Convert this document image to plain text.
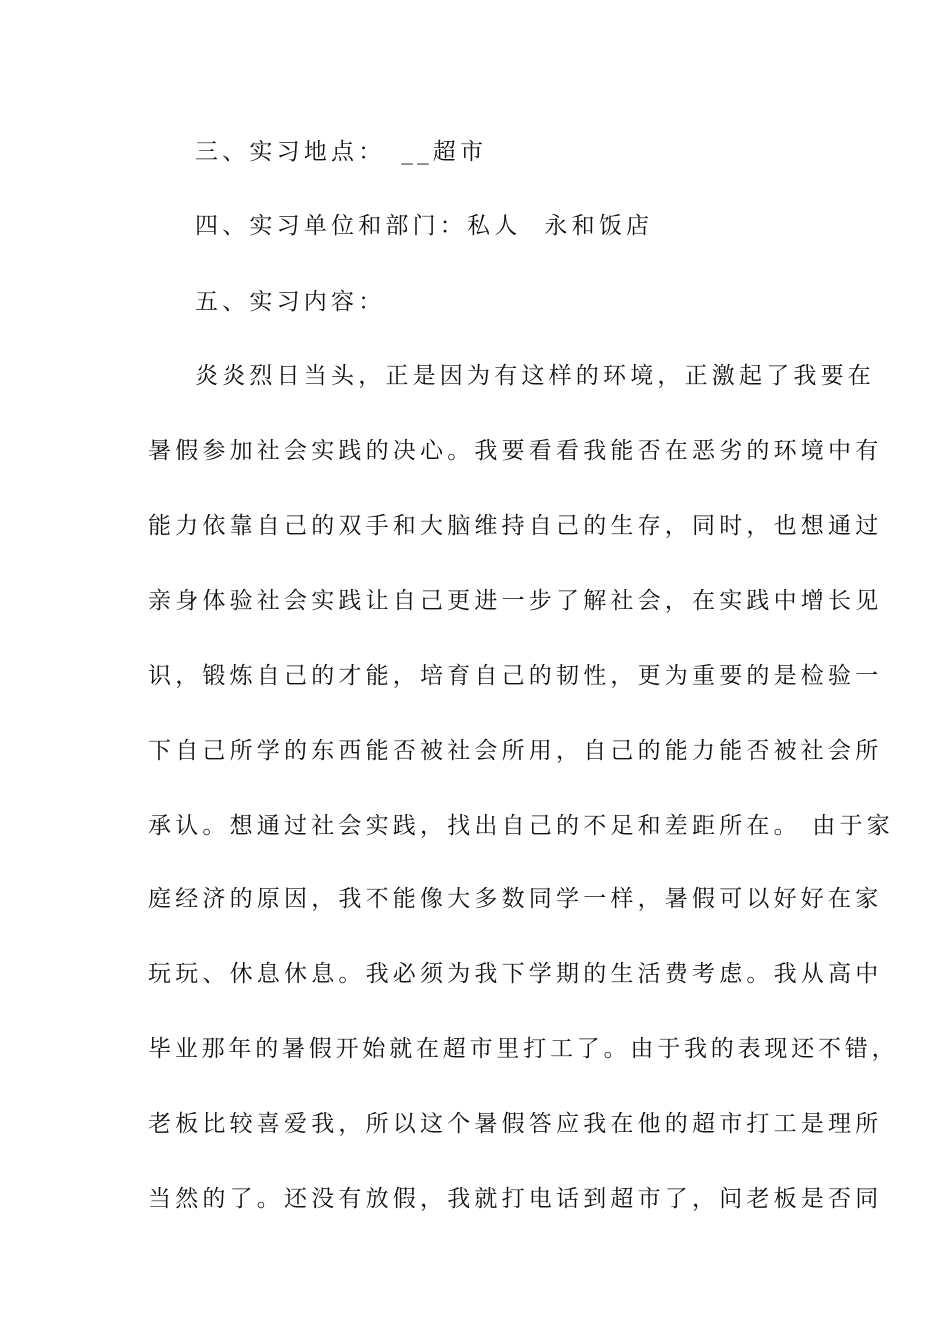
三、实习地点： __超市
四、实习单位和部门：私人  永和饭店
五、实习内容：
炎炎烈日当头，正是因为有这样的环境，正激起了我要在
暑假参加社会实践的决心。我要看看我能否在恶劣的环境中有
能力依靠自己的双手和大脑维持自己的生存，同时，也想通过
亲身体验社会实践让自己更进一步了解社会，在实践中增长见
识，锻炼自己的才能，培育自己的韧性，更为重要的是检验一
下自己所学的东西能否被社会所用，自己的能力能否被社会所
承认。想通过社会实践，找出自己的不足和差距所在。 由于家
庭经济的原因，我不能像大多数同学一样，暑假可以好好在家
玩玩、休息休息。我必须为我下学期的生活费考虑。我从高中
毕业那年的暑假开始就在超市里打工了。由于我的表现还不错，
老板比较喜爱我，所以这个暑假答应我在他的超市打工是理所
当然的了。还没有放假，我就打电话到超市了，问老板是否同
